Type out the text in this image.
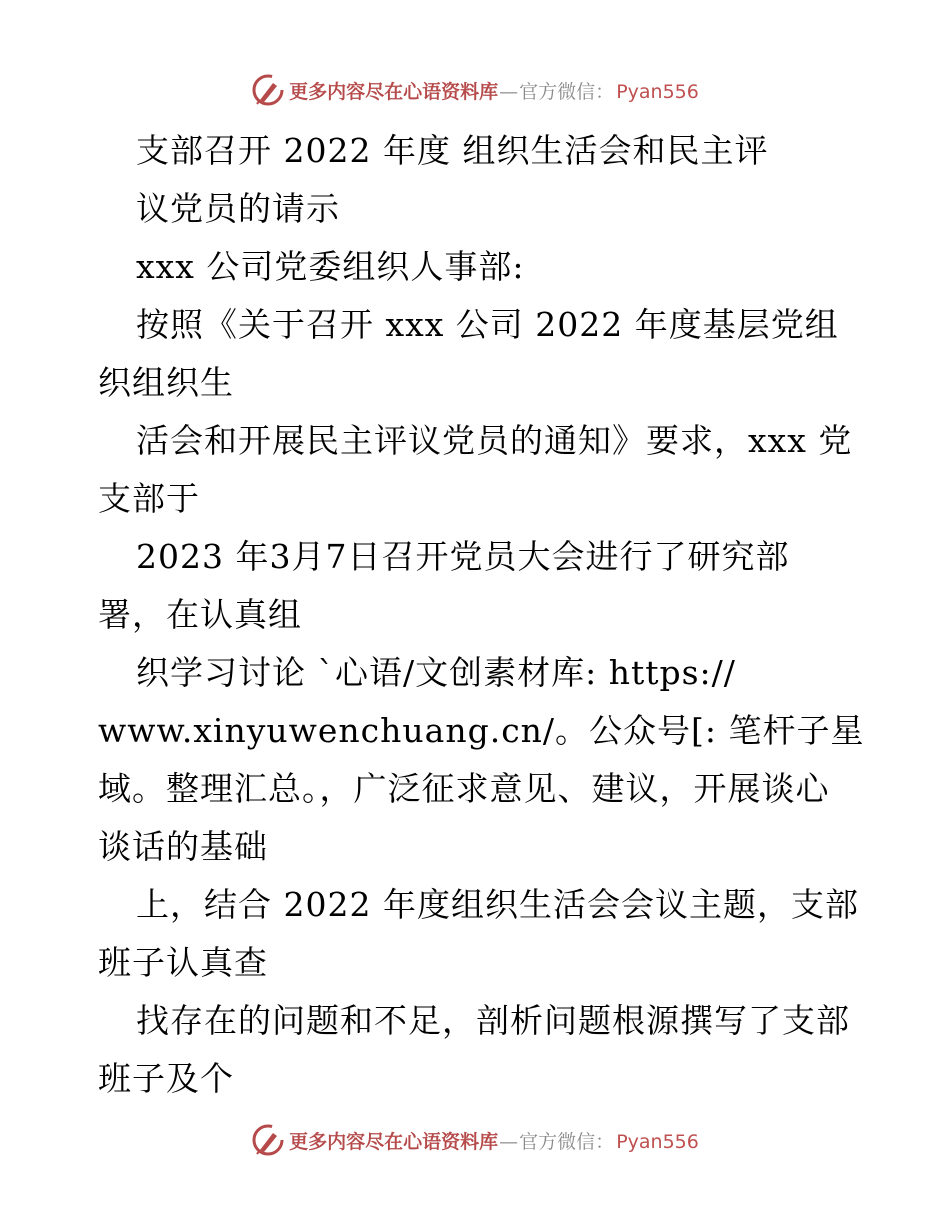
更多内容尽在心语资料库 — 官方微信： Pyan556
支部召开 2022 年度 组织生活会和民主评
议党员的请示
xxx 公司党委组织人事部:
按照《关于召开 xxx 公司 2022 年度基层党组
织组织生
活会和开展民主评议党员的通知》要求，xxx 党
支部于
2023 年3月7日召开党员大会进行了研究部
署，在认真组
织学习讨论 `心语/文创素材库: https://
www.xinyuwenchuang.cn/。公众号[: 笔杆子星
域。整理汇总。，广泛征求意见、建议，开展谈心
谈话的基础
上，结合 2022 年度组织生活会会议主题，支部
班子认真查
找存在的问题和不足，剖析问题根源撰写了支部
班子及个
更多内容尽在心语资料库 — 官方微信： Pyan556
